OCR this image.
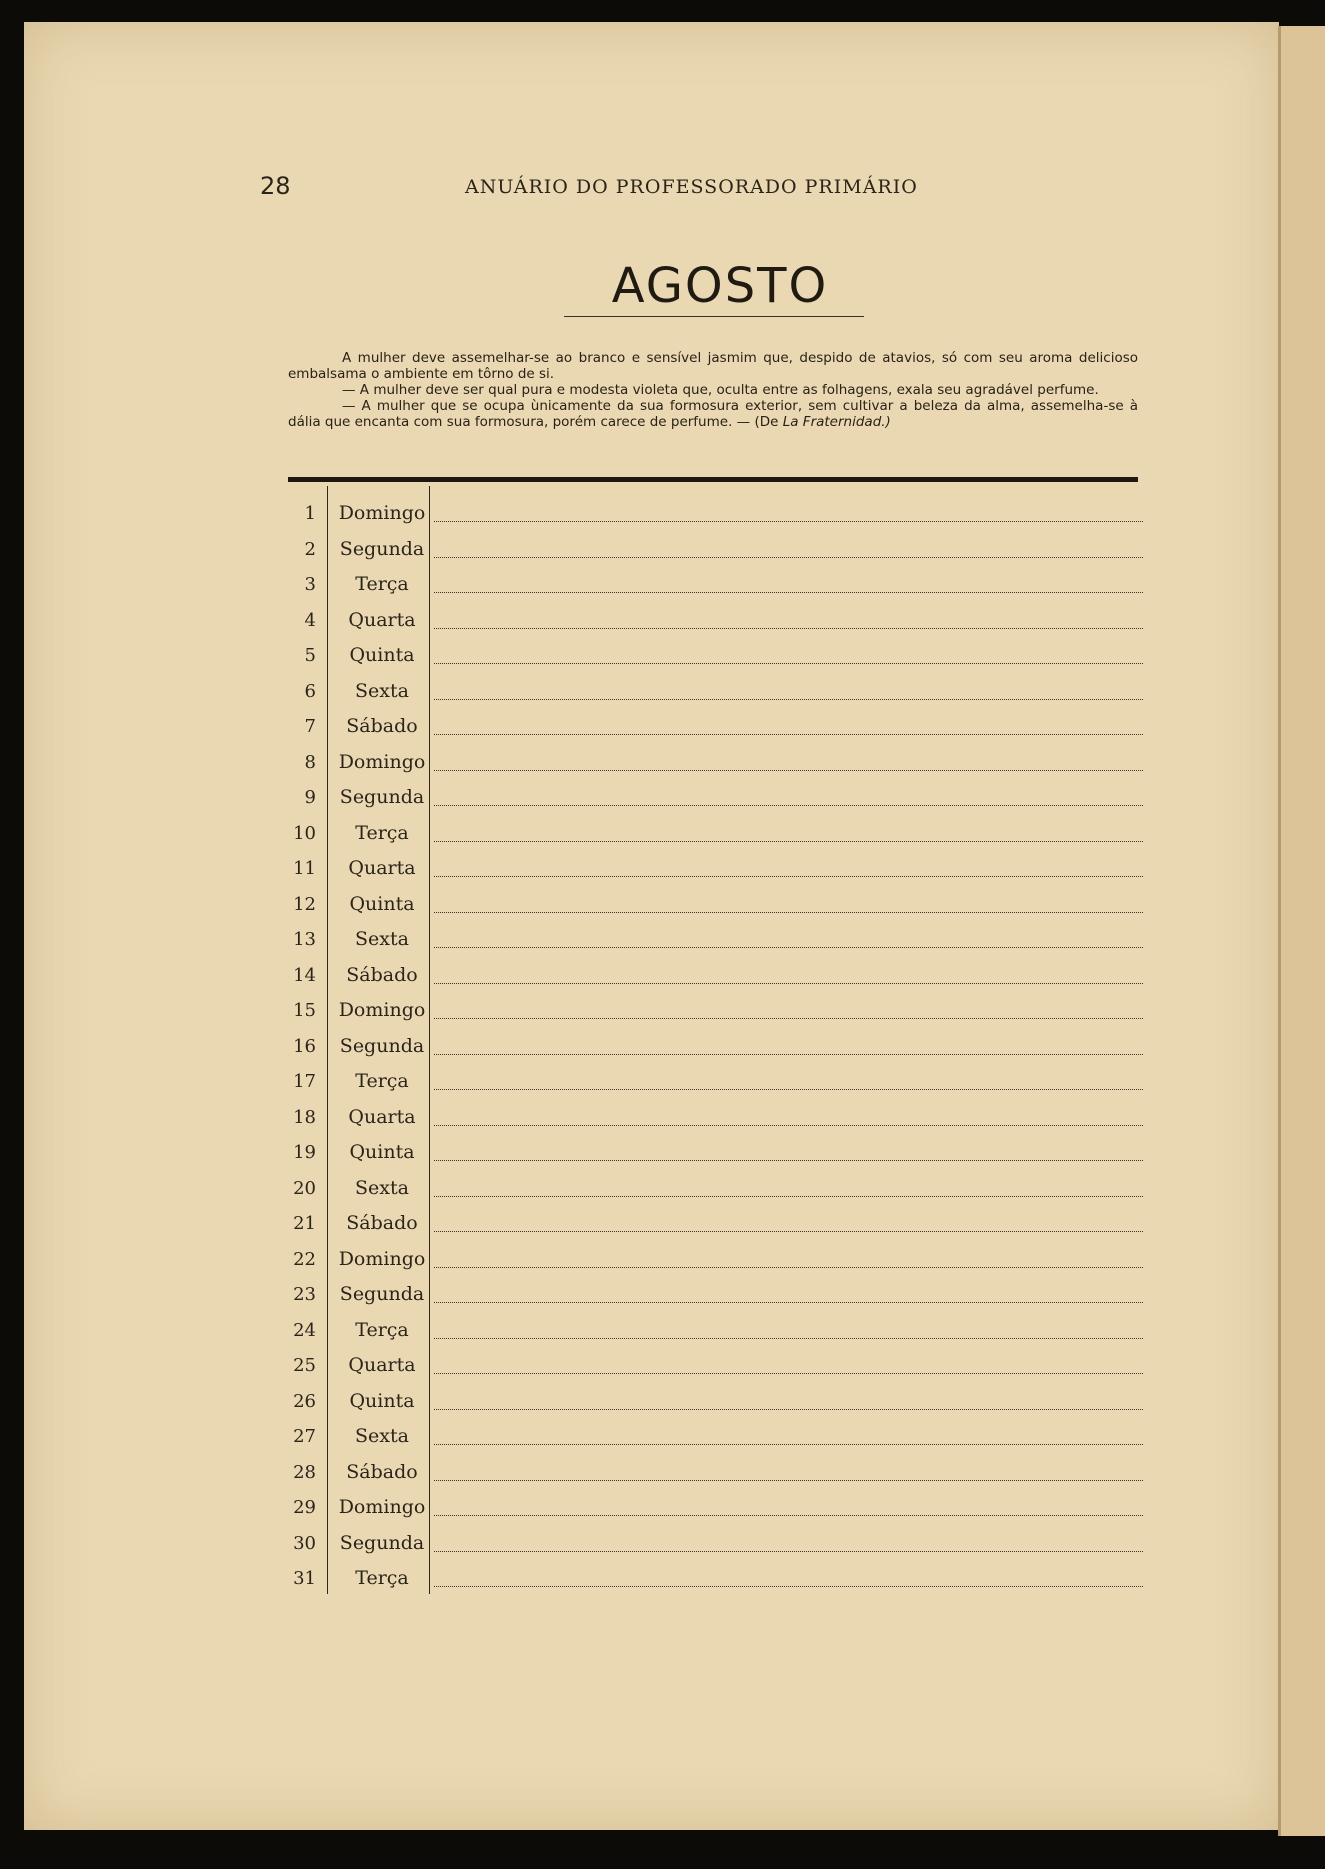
28	ANUÁRIO DO PROFESSORADO PRIMÁRIO
AGOSTO

A mulher deve assemelhar-se ao branco e sensível jasmim que, despido de atavios, só com seu aroma delicioso embalsama o ambiente em tôrno de si.

— A mulher deve ser qual pura e modesta violeta que, oculta entre as folhagens, exala seu agradável perfume.

— A mulher que se ocupa ùnicamente da sua formosura exterior, sem cultivar a beleza da alma, assemelha-se à dália que encanta com sua formosura, porém carece de perfume. — (De La Fraternidad.)

1	Domingo
2	Segunda
3	Terça
4	Quarta
5	Quinta
6	Sexta
7	Sábado
8	Domingo
9	Segunda
10	Terça
11	Quarta
12	Quinta
13	Sexta
14	Sábado
15	Domingo
16	Segunda
17	Terça
18	Quarta
19	Quinta
20	Sexta
21	Sábado
22	Domingo
23	Segunda
24	Terça
25	Quarta
26	Quinta
27	Sexta
28	Sábado
29	Domingo
30	Segunda
31	Terça
